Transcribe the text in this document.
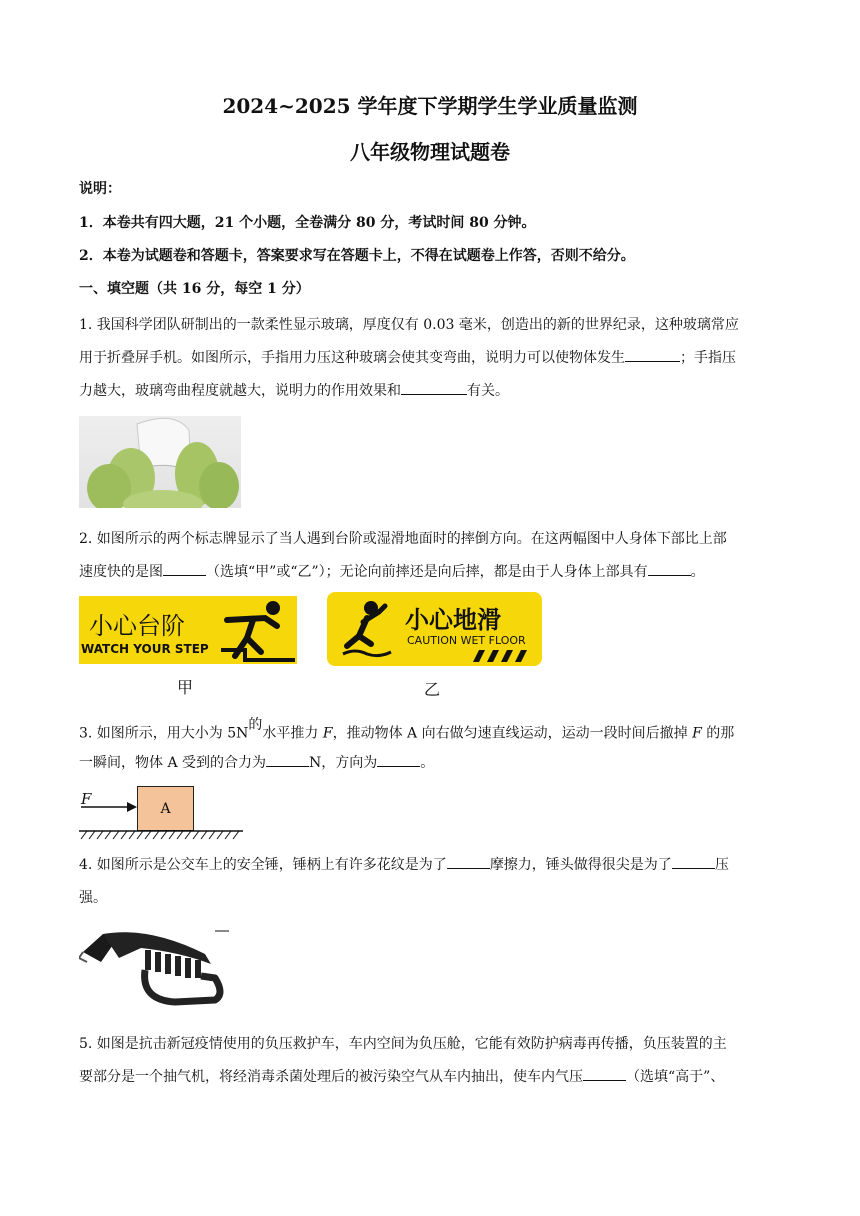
2024~2025 学年度下学期学生学业质量监测
八年级物理试题卷
说明：
1．本卷共有四大题，21 个小题，全卷满分 80 分，考试时间 80 分钟。
2．本卷为试题卷和答题卡，答案要求写在答题卡上，不得在试题卷上作答，否则不给分。
一、填空题（共 16 分，每空 1 分）
1. 我国科学团队研制出的一款柔性显示玻璃，厚度仅有 0.03 毫米，创造出的新的世界纪录，这种玻璃常应
用于折叠屏手机。如图所示，手指用力压这种玻璃会使其变弯曲，说明力可以使物体发生	；手指压
力越大，玻璃弯曲程度就越大，说明力的作用效果和	有关。
2. 如图所示的两个标志牌显示了当人遇到台阶或湿滑地面时的摔倒方向。在这两幅图中人身体下部比上部
速度快的是图	（选填“甲”或“乙”）；无论向前摔还是向后摔，都是由于人身体上部具有	。
小心台阶
WATCH YOUR STEP
小心地滑
CAUTION WET FLOOR
甲	乙
3. 如图所示，用大小为 $5N^的$水平推力 F，推动物体 A 向右做匀速直线运动，运动一段时间后撤掉 F 的那
一瞬间，物体 A 受到的合力为	N，方向为	。
F
A
4. 如图所示是公交车上的安全锤，锤柄上有许多花纹是为了	摩擦力，锤头做得很尖是为了	压
强。
5. 如图是抗击新冠疫情使用的负压救护车，车内空间为负压舱，它能有效防护病毒再传播，负压装置的主
要部分是一个抽气机，将经消毒杀菌处理后的被污染空气从车内抽出，使车内气压	（选填“高于”、
